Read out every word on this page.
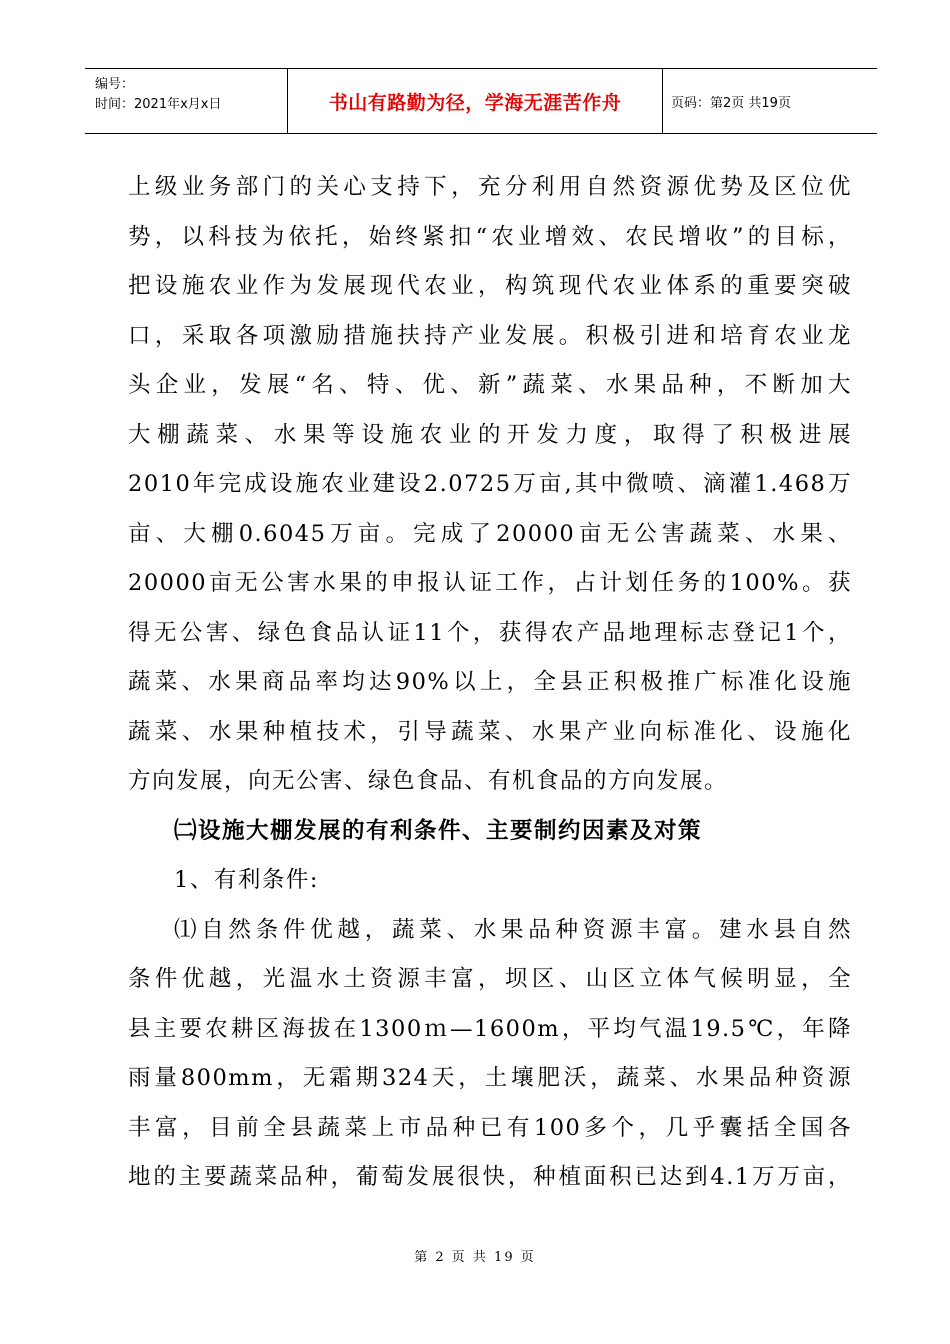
编号：
时间：2021年x月x日	书山有路勤为径，学海无涯苦作舟	页码：第2页 共19页

上级业务部门的关心支持下，充分利用自然资源优势及区位优

势，以科技为依托，始终紧扣“农业增效、农民增收”的目标，

把设施农业作为发展现代农业，构筑现代农业体系的重要突破

口，采取各项激励措施扶持产业发展。积极引进和培育农业龙

头企业，发展“名、特、优、新”蔬菜、水果品种，不断加大

大棚蔬菜、水果等设施农业的开发力度，取得了积极进展

2010年完成设施农业建设2.0725万亩,其中微喷、滴灌1.468万

亩、大棚0.6045万亩。完成了20000亩无公害蔬菜、水果、

20000亩无公害水果的申报认证工作，占计划任务的100%。获

得无公害、绿色食品认证11个，获得农产品地理标志登记1个，

蔬菜、水果商品率均达90%以上，全县正积极推广标准化设施

蔬菜、水果种植技术，引导蔬菜、水果产业向标准化、设施化

方向发展，向无公害、绿色食品、有机食品的方向发展。

㈡设施大棚发展的有利条件、主要制约因素及对策

1、有利条件:

⑴自然条件优越，蔬菜、水果品种资源丰富。建水县自然

条件优越，光温水土资源丰富，坝区、山区立体气候明显，全

县主要农耕区海拔在1300ｍ—1600m，平均气温19.5℃，年降

雨量800mm，无霜期324天，土壤肥沃，蔬菜、水果品种资源

丰富，目前全县蔬菜上市品种已有100多个，几乎囊括全国各

地的主要蔬菜品种，葡萄发展很快，种植面积已达到4.1万万亩，

第 2 页 共 19 页
